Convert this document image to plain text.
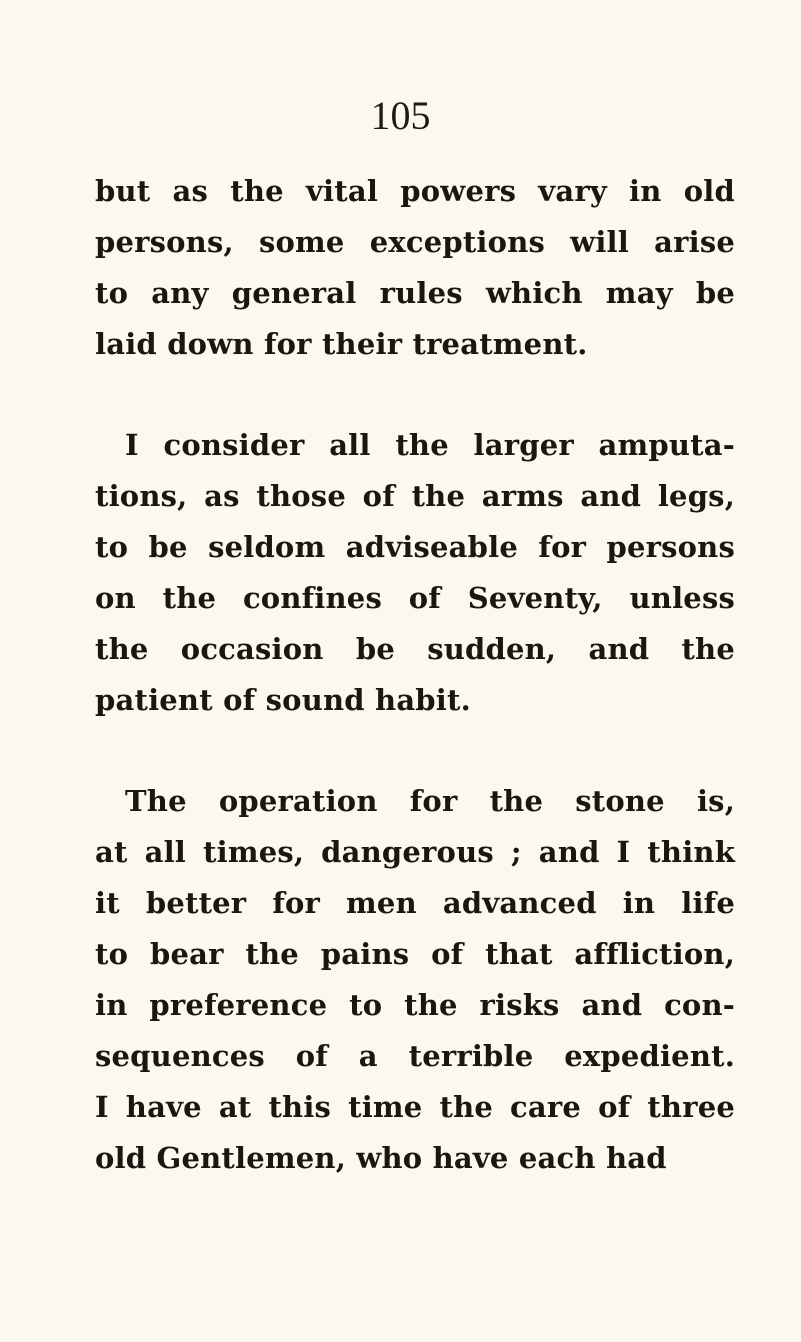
105

but as the vital powers vary in old
persons, some exceptions will arise
to any general rules which may be
laid down for their treatment.

I consider all the larger amputa-
tions, as those of the arms and legs,
to be seldom adviseable for persons
on the confines of Seventy, unless
the occasion be sudden, and the
patient of sound habit.

The operation for the stone is,
at all times, dangerous ; and I think
it better for men advanced in life
to bear the pains of that affliction,
in preference to the risks and con-
sequences of a terrible expedient.
I have at this time the care of three
old Gentlemen, who have each had
